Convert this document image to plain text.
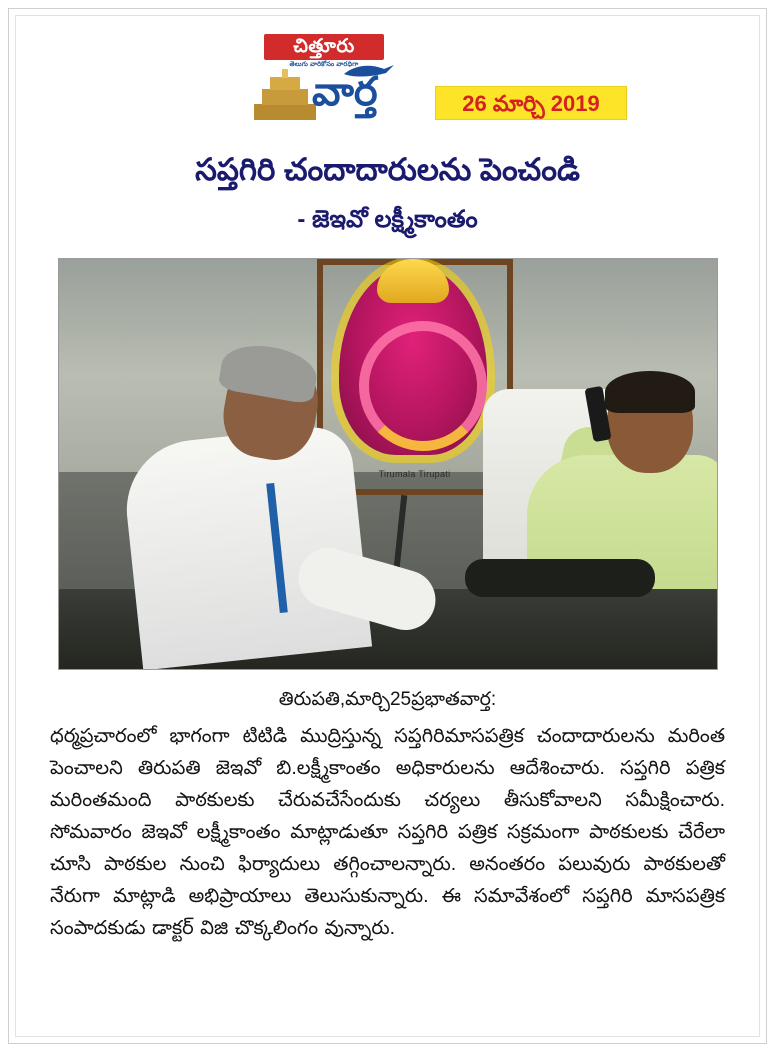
చిత్తూరు
తెలుగు వారికోసం వారధిగా
వార్త	26 మార్చి 2019
సప్తగిరి చందాదారులను పెంచండి
- జెఇవో లక్ష్మీకాంతం
Tirumala Tirupati
తిరుపతి,మార్చి25ప్రభాతవార్త:
ధర్మప్రచారంలో భాగంగా టిటిడి ముద్రిస్తున్న సప్తగిరిమాసపత్రిక చందాదారులను మరింత పెంచాలని తిరుపతి జెఇవో బి.లక్ష్మీకాంతం అధికారులను ఆదేశించారు. సప్తగిరి పత్రిక మరింతమంది పాఠకులకు చేరువచేసేందుకు చర్యలు తీసుకోవాలని సమీక్షించారు. సోమవారం జెఇవో లక్ష్మీకాంతం మాట్లాడుతూ సప్తగిరి పత్రిక సక్రమంగా పాఠకులకు చేరేలా చూసి పాఠకుల నుంచి ఫిర్యాదులు తగ్గించాలన్నారు. అనంతరం పలువురు పాఠకులతో నేరుగా మాట్లాడి అభిప్రాయాలు తెలుసుకున్నారు. ఈ సమావేశంలో సప్తగిరి మాసపత్రిక సంపాదకుడు డాక్టర్ విజి చొక్కలింగం వున్నారు.
